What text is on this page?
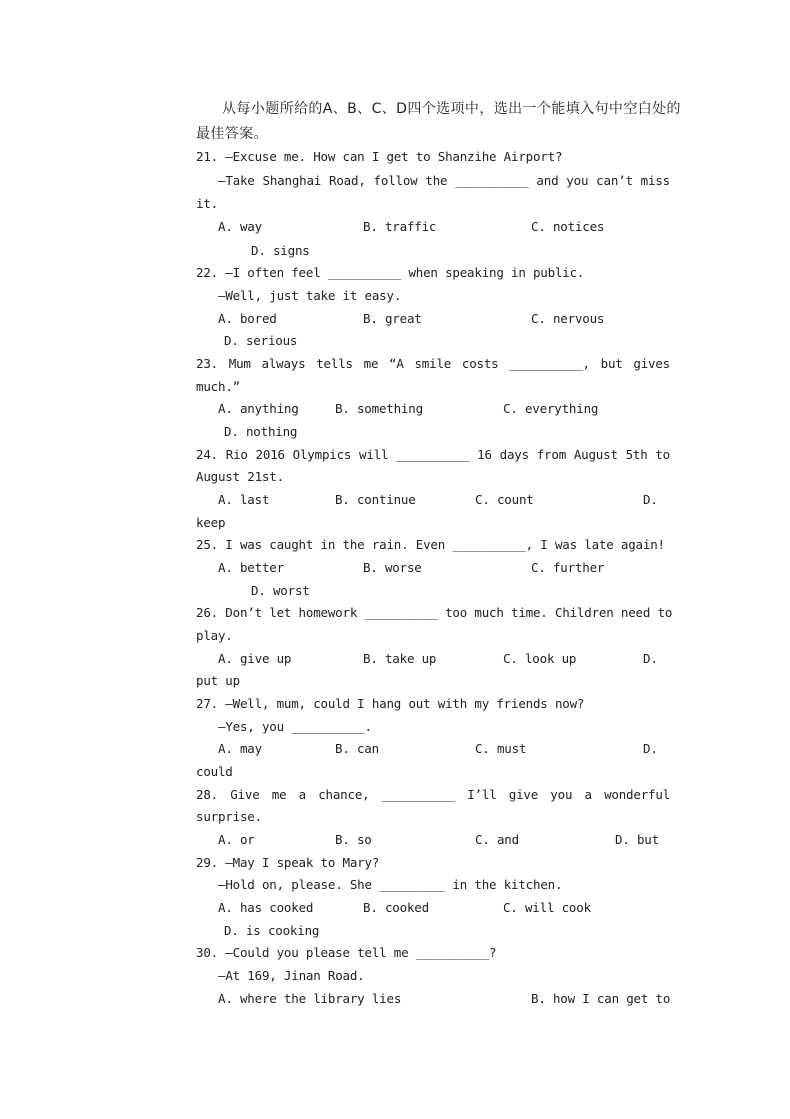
从每小题所给的A、B、C、D四个选项中，选出一个能填入句中空白处的
最佳答案。
21. —Excuse me. How can I get to Shanzihe Airport?
—Take Shanghai Road, follow the __________ and you can’t miss
it.
A. way	B. traffic	C. notices
D. signs
22. —I often feel __________ when speaking in public.
—Well, just take it easy.
A. bored	B. great	C. nervous
D. serious
23. Mum always tells me “A smile costs __________, but gives
much.”
A. anything	B. something	C. everything
D. nothing
24. Rio 2016 Olympics will __________ 16 days from August 5th to
August 21st.
A. last	B. continue	C. count	D.
keep
25. I was caught in the rain. Even __________, I was late again!
A. better	B. worse	C. further
D. worst
26. Don’t let homework __________ too much time. Children need to
play.
A. give up	B. take up	C. look up	D.
put up
27. —Well, mum, could I hang out with my friends now?
—Yes, you __________.
A. may	B. can	C. must	D.
could
28. Give me a chance, __________ I’ll give you a wonderful
surprise.
A. or	B. so	C. and	D. but
29. —May I speak to Mary?
—Hold on, please. She _________ in the kitchen.
A. has cooked	B. cooked	C. will cook
D. is cooking
30. —Could you please tell me __________?
—At 169, Jinan Road.
A. where the library lies	B. how I can get to
